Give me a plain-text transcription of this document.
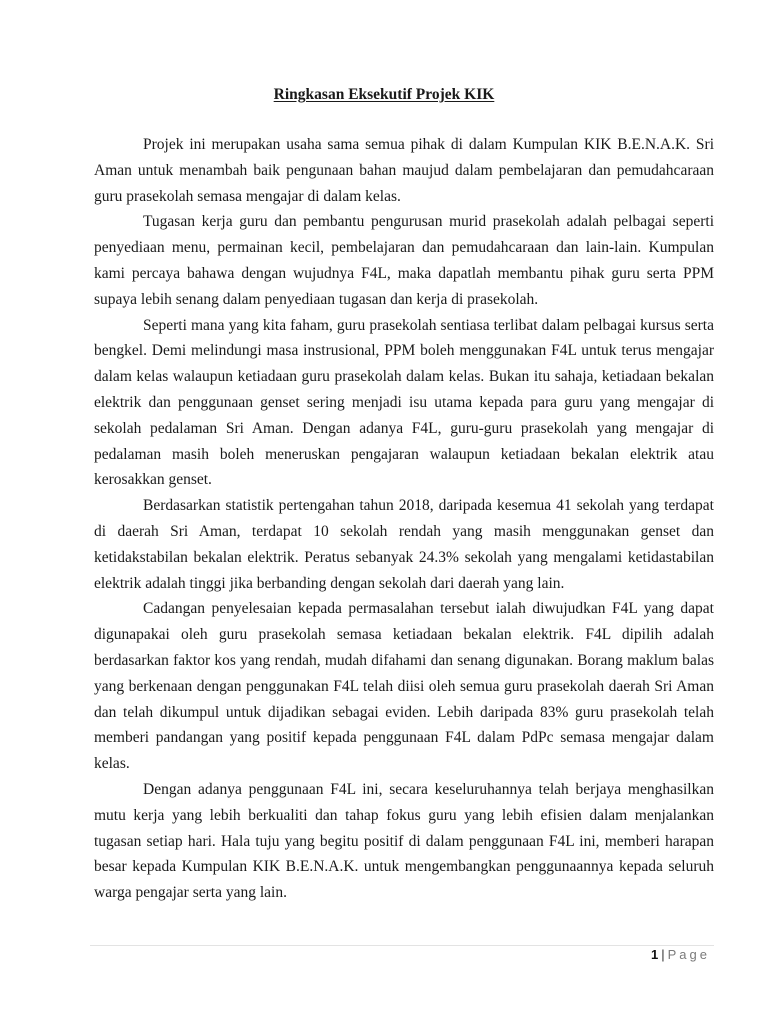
Ringkasan Eksekutif Projek KIK

Projek ini merupakan usaha sama semua pihak di dalam Kumpulan KIK B.E.N.A.K. Sri Aman untuk menambah baik pengunaan bahan maujud dalam pembelajaran dan pemudahcaraan guru prasekolah semasa mengajar di dalam kelas.

Tugasan kerja guru dan pembantu pengurusan murid prasekolah adalah pelbagai seperti penyediaan menu, permainan kecil, pembelajaran dan pemudahcaraan dan lain-lain. Kumpulan kami percaya bahawa dengan wujudnya F4L, maka dapatlah membantu pihak guru serta PPM supaya lebih senang dalam penyediaan tugasan dan kerja di prasekolah.

Seperti mana yang kita faham, guru prasekolah sentiasa terlibat dalam pelbagai kursus serta bengkel. Demi melindungi masa instrusional, PPM boleh menggunakan F4L untuk terus mengajar dalam kelas walaupun ketiadaan guru prasekolah dalam kelas. Bukan itu sahaja, ketiadaan bekalan elektrik dan penggunaan genset sering menjadi isu utama kepada para guru yang mengajar di sekolah pedalaman Sri Aman. Dengan adanya F4L, guru-guru prasekolah yang mengajar di pedalaman masih boleh meneruskan pengajaran walaupun ketiadaan bekalan elektrik atau kerosakkan genset.

Berdasarkan statistik pertengahan tahun 2018, daripada kesemua 41 sekolah yang terdapat di daerah Sri Aman, terdapat 10 sekolah rendah yang masih menggunakan genset dan ketidakstabilan bekalan elektrik. Peratus sebanyak 24.3% sekolah yang mengalami ketidastabilan elektrik adalah tinggi jika berbanding dengan sekolah dari daerah yang lain.

Cadangan penyelesaian kepada permasalahan tersebut ialah diwujudkan F4L yang dapat digunapakai oleh guru prasekolah semasa ketiadaan bekalan elektrik. F4L dipilih adalah berdasarkan faktor kos yang rendah, mudah difahami dan senang digunakan. Borang maklum balas yang berkenaan dengan penggunakan F4L telah diisi oleh semua guru prasekolah daerah Sri Aman dan telah dikumpul untuk dijadikan sebagai eviden. Lebih daripada 83% guru prasekolah telah memberi pandangan yang positif kepada penggunaan F4L dalam PdPc semasa mengajar dalam kelas.

Dengan adanya penggunaan F4L ini, secara keseluruhannya telah berjaya menghasilkan mutu kerja yang lebih berkualiti dan tahap fokus guru yang lebih efisien dalam menjalankan tugasan setiap hari. Hala tuju yang begitu positif di dalam penggunaan F4L ini, memberi harapan besar kepada Kumpulan KIK B.E.N.A.K. untuk mengembangkan penggunaannya kepada seluruh warga pengajar serta yang lain.

1 | Page
